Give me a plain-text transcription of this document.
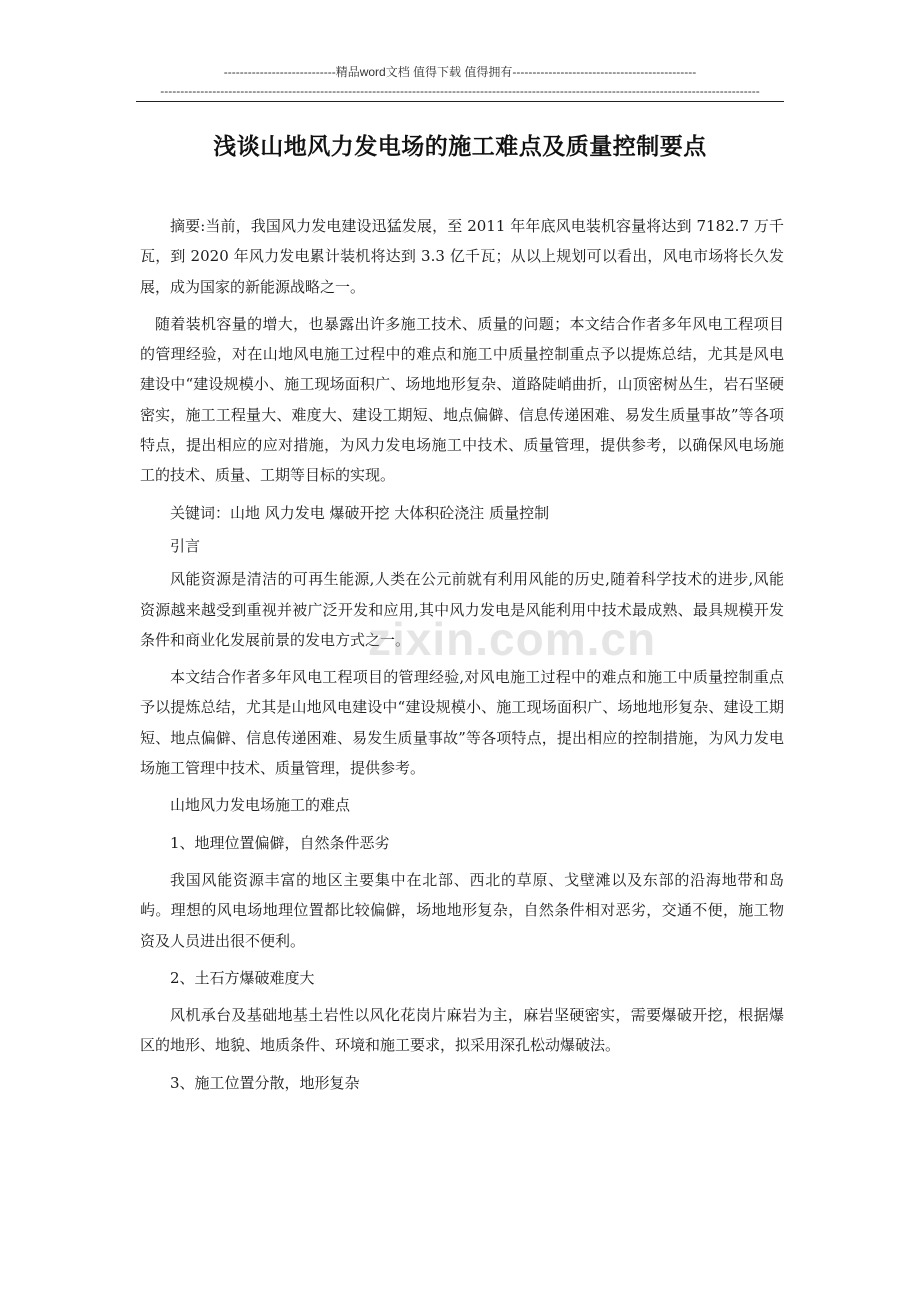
----------------------------精品word文档 值得下载 值得拥有----------------------------------------------
------------------------------------------------------------------------------------------------------------------------------------------------------
浅谈山地风力发电场的施工难点及质量控制要点

摘要:当前，我国风力发电建设迅猛发展，至 2011 年年底风电装机容量将达到 7182.7 万千瓦，到 2020 年风力发电累计装机将达到 3.3 亿千瓦；从以上规划可以看出，风电市场将长久发展，成为国家的新能源战略之一。

随着装机容量的增大，也暴露出许多施工技术、质量的问题；本文结合作者多年风电工程项目的管理经验，对在山地风电施工过程中的难点和施工中质量控制重点予以提炼总结，尤其是风电建设中“建设规模小、施工现场面积广、场地地形复杂、道路陡峭曲折，山顶密树丛生，岩石坚硬密实，施工工程量大、难度大、建设工期短、地点偏僻、信息传递困难、易发生质量事故”等各项特点，提出相应的应对措施，为风力发电场施工中技术、质量管理，提供参考，以确保风电场施工的技术、质量、工期等目标的实现。

关键词：山地 风力发电 爆破开挖 大体积砼浇注 质量控制

引言

风能资源是清洁的可再生能源,人类在公元前就有利用风能的历史,随着科学技术的进步,风能资源越来越受到重视并被广泛开发和应用,其中风力发电是风能利用中技术最成熟、最具规模开发条件和商业化发展前景的发电方式之一。

本文结合作者多年风电工程项目的管理经验,对风电施工过程中的难点和施工中质量控制重点予以提炼总结，尤其是山地风电建设中“建设规模小、施工现场面积广、场地地形复杂、建设工期短、地点偏僻、信息传递困难、易发生质量事故”等各项特点，提出相应的控制措施，为风力发电场施工管理中技术、质量管理，提供参考。

山地风力发电场施工的难点

1、地理位置偏僻，自然条件恶劣

我国风能资源丰富的地区主要集中在北部、西北的草原、戈壁滩以及东部的沿海地带和岛屿。理想的风电场地理位置都比较偏僻，场地地形复杂，自然条件相对恶劣，交通不便，施工物资及人员进出很不便利。

2、土石方爆破难度大

风机承台及基础地基土岩性以风化花岗片麻岩为主，麻岩坚硬密实，需要爆破开挖，根据爆区的地形、地貌、地质条件、环境和施工要求，拟采用深孔松动爆破法。

3、施工位置分散，地形复杂

zixin.com.cn
